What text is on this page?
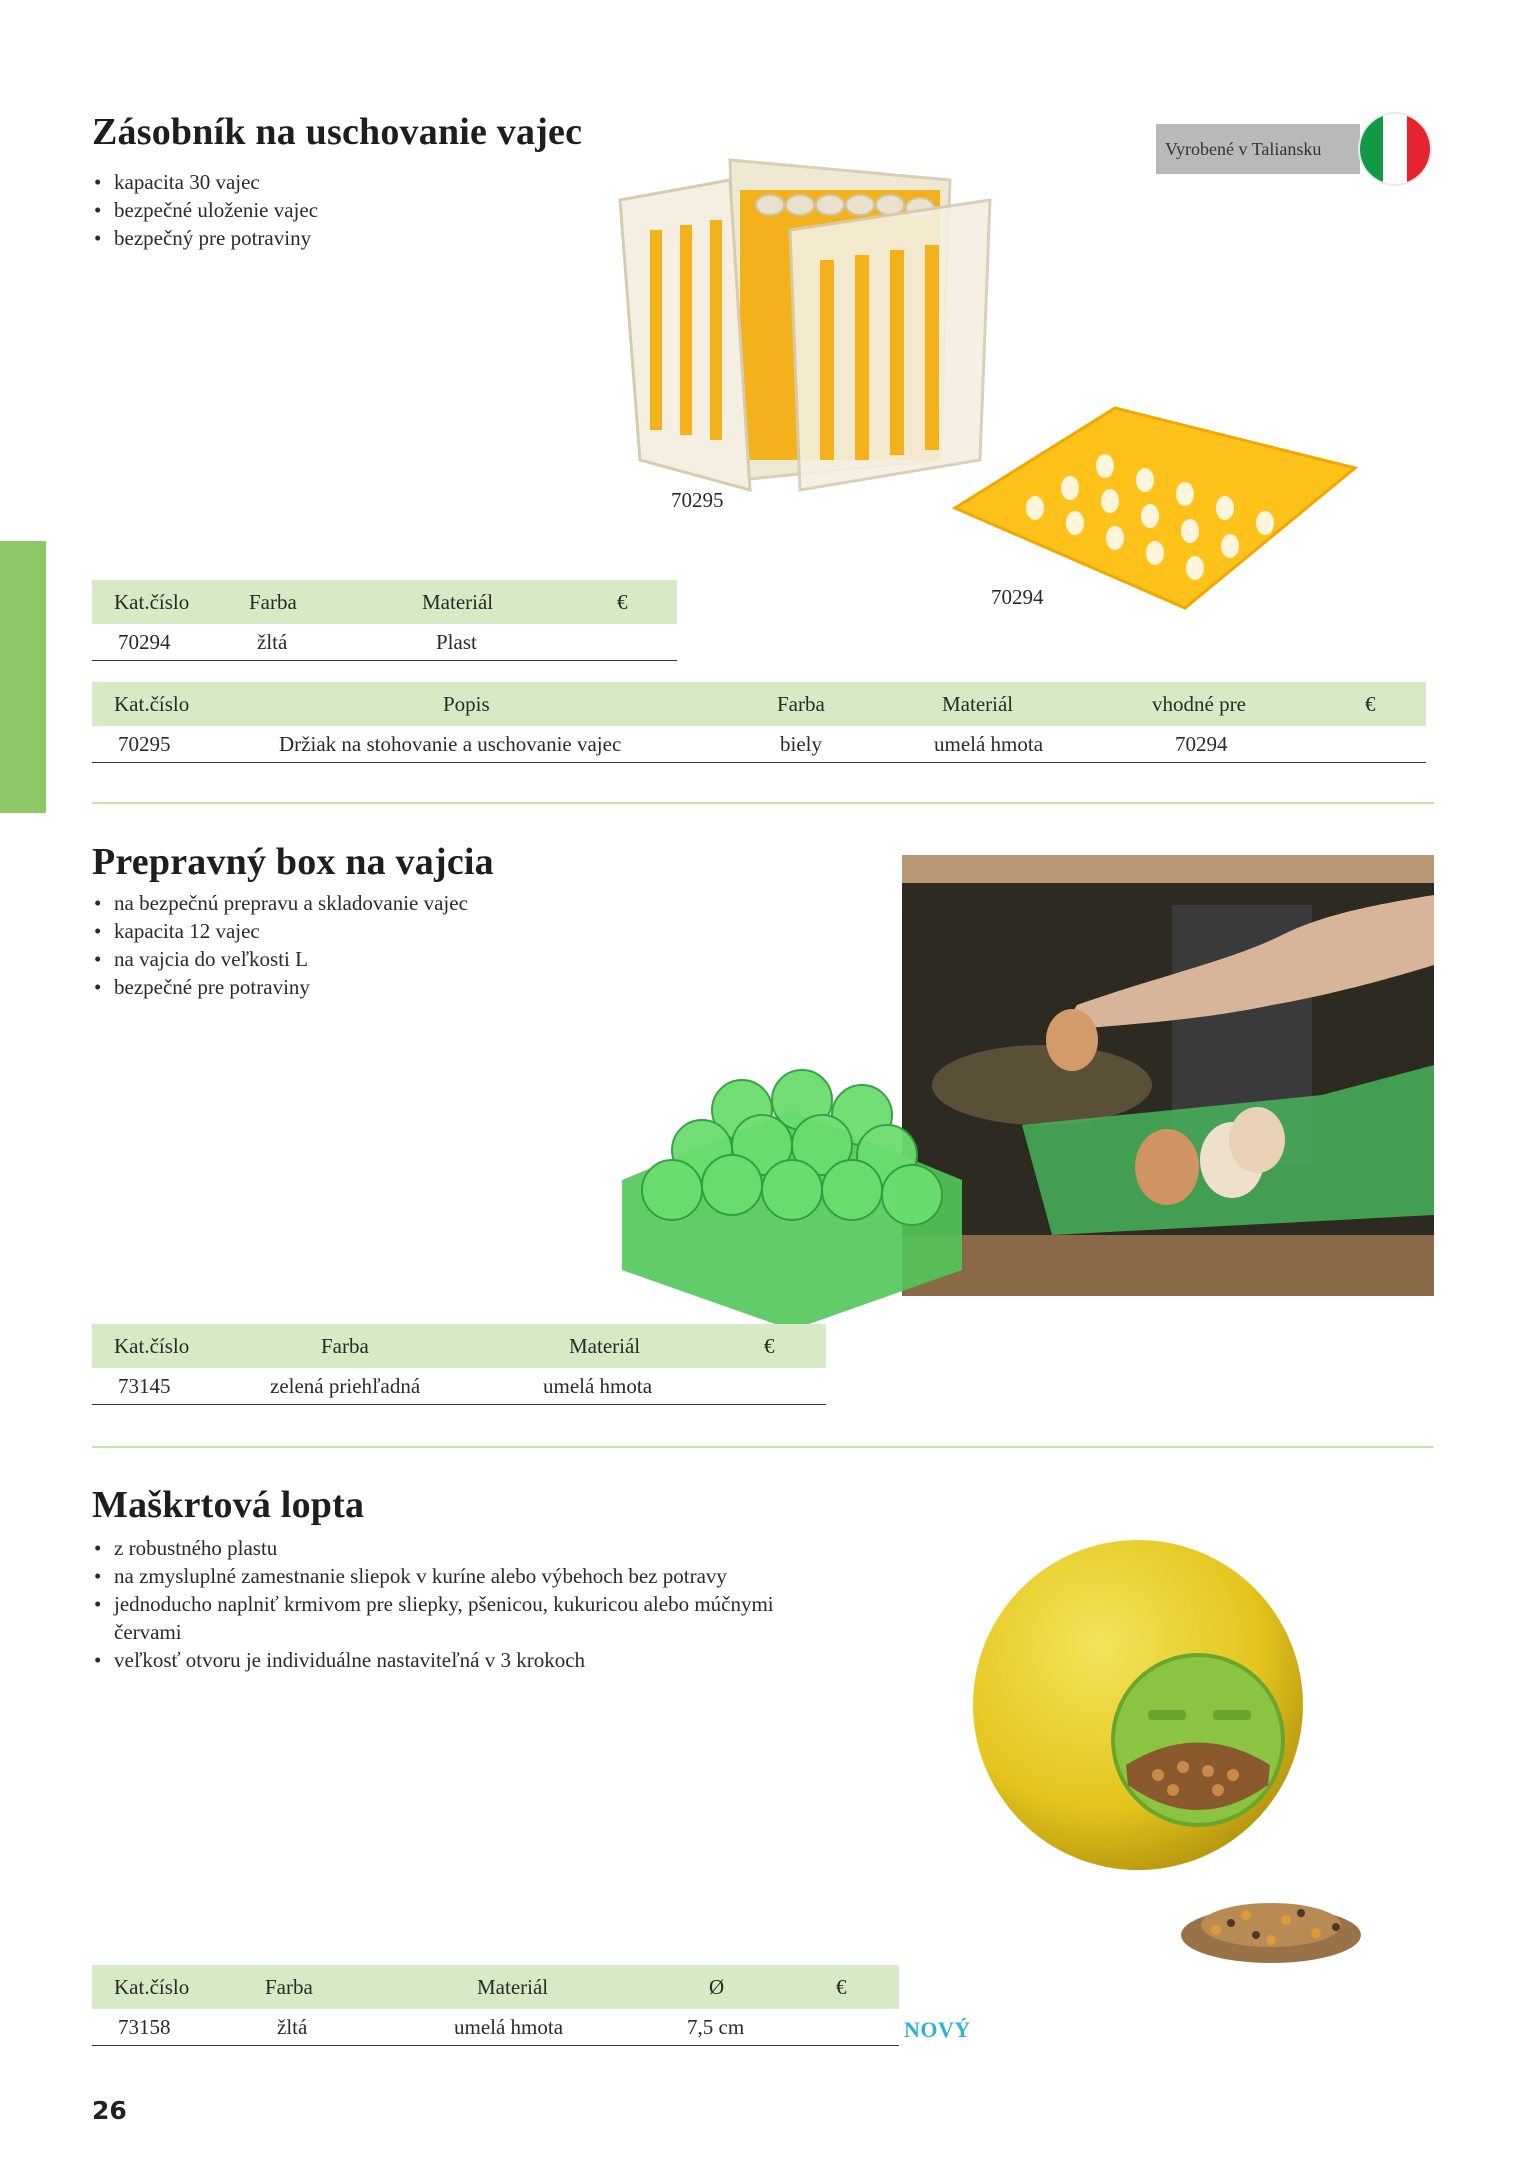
Zásobník na uschovanie vajec
• kapacita 30 vajec
• bezpečné uloženie vajec
• bezpečný pre potraviny
Vyrobené v Taliansku
70295
70294
Kat.číslo	Farba	Materiál	€
70294	žltá	Plast
Kat.číslo	Popis	Farba	Materiál	vhodné pre	€
70295	Držiak na stohovanie a uschovanie vajec	biely	umelá hmota	70294
Prepravný box na vajcia
• na bezpečnú prepravu a skladovanie vajec
• kapacita 12 vajec
• na vajcia do veľkosti L
• bezpečné pre potraviny
Kat.číslo	Farba	Materiál	€
73145	zelená priehľadná	umelá hmota
Maškrtová lopta
• z robustného plastu
• na zmysluplné zamestnanie sliepok v kuríne alebo výbehoch bez potravy
• jednoducho naplniť krmivom pre sliepky, pšenicou, kukuricou alebo múčnymi červami
• veľkosť otvoru je individuálne nastaviteľná v 3 krokoch
Kat.číslo	Farba	Materiál	Ø	€
73158	žltá	umelá hmota	7,5 cm	NOVÝ
26
